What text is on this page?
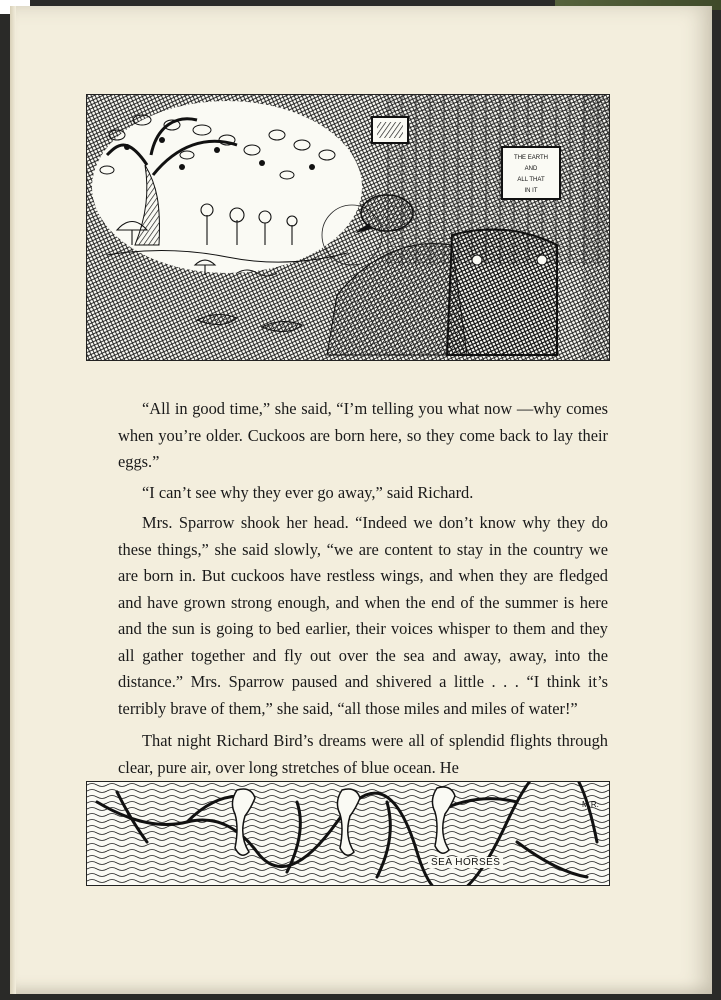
THE EARTH
AND
ALL THAT
IN IT

“All in good time,” she said, “I’m telling you what now —why comes when you’re older. Cuckoos are born here, so they come back to lay their eggs.”

“I can’t see why they ever go away,” said Richard.

Mrs. Sparrow shook her head. “Indeed we don’t know why they do these things,” she said slowly, “we are content to stay in the country we are born in. But cuckoos have restless wings, and when they are fledged and have grown strong enough, and when the end of the summer is here and the sun is going to bed earlier, their voices whisper to them and they all gather together and fly out over the sea and away, away, into the distance.” Mrs. Sparrow paused and shivered a little . . . “I think it’s terribly brave of them,” she said, “all those miles and miles of water!”

That night Richard Bird’s dreams were all of splendid flights through clear, pure air, over long stretches of blue ocean. He

SEA HORSES
M.R.
